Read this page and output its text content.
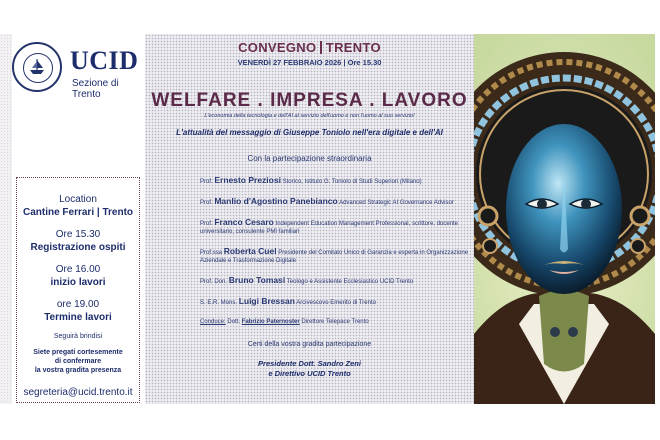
UCID
Sezione di Trento
Location
Cantine Ferrari | Trento
Ore 15.30
Registrazione ospiti
Ore 16.00
inizio lavori
ore 19.00
Termine lavori
Seguirà brindisi
Siete pregati cortesemente
di confermare
la vostra gradita presenza
segreteria@ucid.trento.it
CONVEGNO TRENTO
VENERDÌ 27 FEBBRAIO 2026 | Ore 15.30
WELFARE . IMPRESA . LAVORO
L'economia della tecnologia e dell'AI al servizio dell'uomo e non l'uomo al suo servizio!
L'attualità del messaggio di Giuseppe Toniolo nell'era digitale e dell'AI
Con la partecipazione straordinaria
Prof. Ernesto Preziosi Storico, Istituto G. Toniolo di Studi Superiori (Milano)
Prof. Manlio d'Agostino Panebianco Advanced Strategic AI Governance Advisor
Prof. Franco Cesaro Independent Education Management Professional, scrittore, docente universitario, consulente PMI familiari
Prof.ssa Roberta Cuel Presidente del Comitato Unico di Garanzia e esperta in Organizzazione Aziendale e Trasformazione Digitale
Prof. Don. Bruno Tomasi Teologo e Assistente Ecclesiastico UCID Trento
S. E.R. Mons. Luigi Bressan Arcivescovo Emerito di Trento
Conduce: Dott. Fabrizio Paternoster Direttore Telepace Trento
Certi della vostra gradita partecipazione
Presidente Dott. Sandro Zeni
e Direttivo UCID Trento
